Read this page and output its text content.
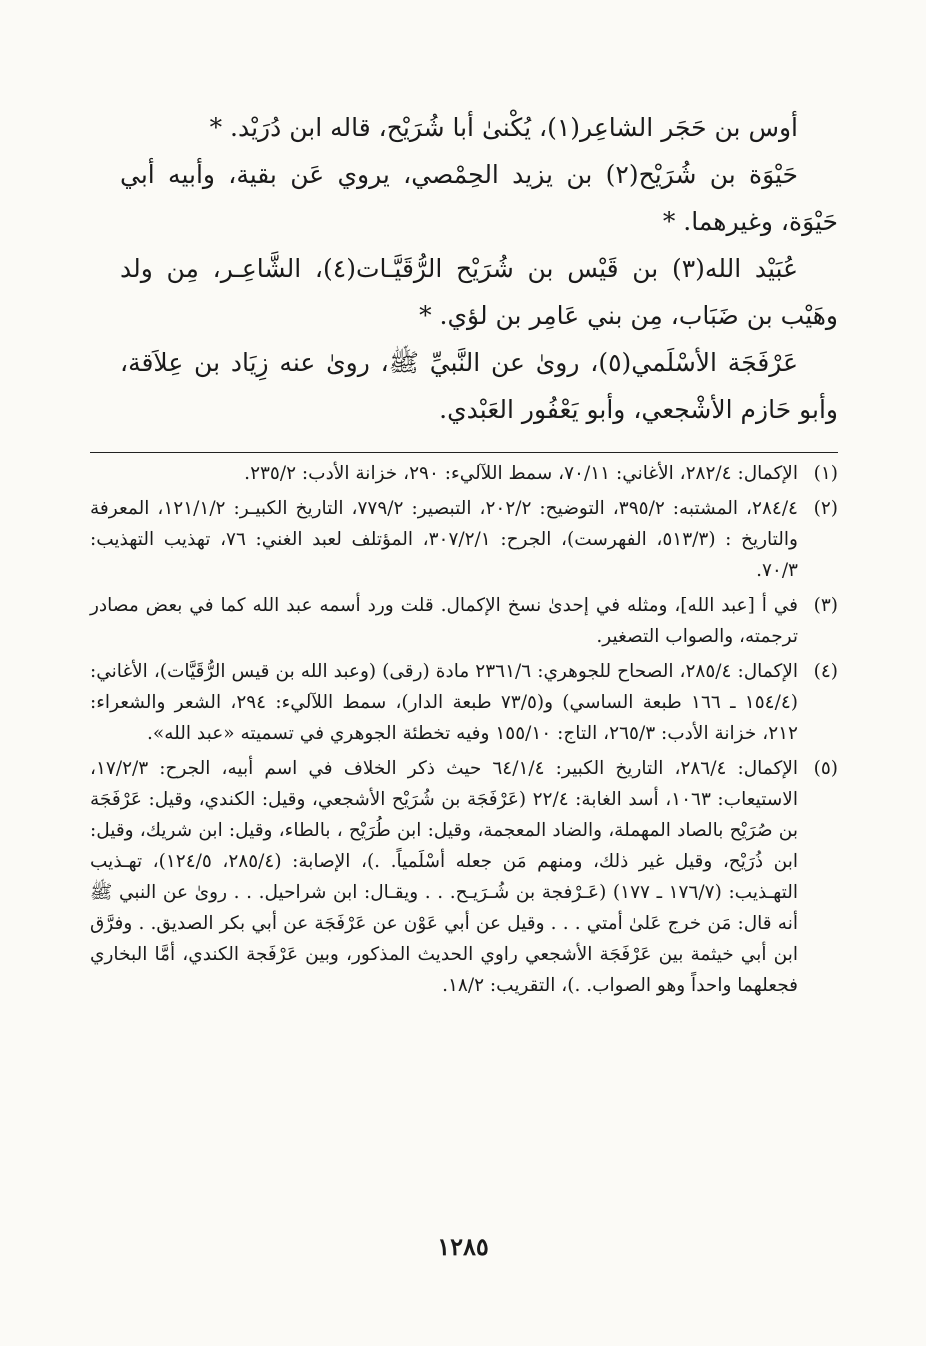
أوس بن حَجَر الشاعِر(١)، يُكْنىٰ أبا شُرَيْح، قاله ابن دُرَيْد. *

حَيْوَة بن شُرَيْح(٢) بن يزيد الحِمْصي، يروي عَن بقية، وأبيه أبي حَيْوَة، وغيرهما. *

عُبَيْد الله(٣) بن قَيْس بن شُرَيْح الرُّقَيَّـات(٤)، الشَّاعِـر، مِن ولد وهَيْب بن ضَبَاب، مِن بني عَامِر بن لؤي. *

عَرْفَجَة الأسْلَمي(٥)، روىٰ عن النَّبيِّ ﷺ، روىٰ عنه زِيَاد بن عِلاَقة، وأبو حَازم الأشْجعي، وأبو يَعْفُور العَبْدي.

(١)
الإكمال: ٢٨٢/٤، الأغاني: ٧٠/١١، سمط اللآليء: ٢٩٠، خزانة الأدب: ٢٣٥/٢.
(٢)
٢٨٤/٤، المشتبه: ٣٩٥/٢، التوضيح: ٢٠٢/٢، التبصير: ٧٧٩/٢، التاريخ الكبيـر: ١٢١/١/٢، المعرفة والتاريخ : (٥١٣/٣، الفهرست)، الجرح: ٣٠٧/٢/١، المؤتلف لعبد الغني: ٧٦، تهذيب التهذيب: ٧٠/٣.
(٣)
في أ [عبد الله]، ومثله في إحدىٰ نسخ الإكمال. قلت ورد أسمه عبد الله كما في بعض مصادر ترجمته، والصواب التصغير.
(٤)
الإكمال: ٢٨٥/٤، الصحاح للجوهري: ٢٣٦١/٦ مادة (رقى) (وعبد الله بن قيس الرُّقَيَّات)، الأغاني: (١٥٤/٤ ـ ١٦٦ طبعة الساسي) و(٧٣/٥ طبعة الدار)، سمط اللآليء: ٢٩٤، الشعر والشعراء: ٢١٢، خزانة الأدب: ٢٦٥/٣، التاج: ١٥٥/١٠ وفيه تخطئة الجوهري في تسميته «عبد الله».
(٥)
الإكمال: ٢٨٦/٤، التاريخ الكبير: ٦٤/١/٤ حيث ذكر الخلاف في اسم أبيه، الجرح: ١٧/٢/٣، الاستيعاب: ١٠٦٣، أسد الغابة: ٢٢/٤ (عَرْفَجَة بن شُرَيْح الأشجعي، وقيل: الكندي، وقيل: عَرْفَجَة بن صُرَيْح بالصاد المهملة، والضاد المعجمة، وقيل: ابن طُرَيْح ، بالطاء، وقيل: ابن شريك، وقيل: ابن ذُرَيْح، وقيل غير ذلك، ومنهم مَن جعله أسْلَمياً. .)، الإصابة: (٢٨٥/٤، ١٢٤/٥)، تهـذيب التهـذيب: (١٧٦/٧ ـ ١٧٧) (عَـرْفجة بن شُـرَيـح. . . ويقـال: ابن شراحيل. . . روىٰ عن النبي ﷺ أنه قال: مَن خرج عَلىٰ أمتي . . . وقيل عن أبي عَوْن عن عَرْفَجَة عن أبي بكر الصديق. . وفرَّق ابن أبي خيثمة بين عَرْفَجَة الأشجعي راوي الحديث المذكور، وبين عَرْفَجة الكندي، أمَّا البخاري فجعلهما واحداً وهو الصواب. .)، التقريب: ١٨/٢.
١٢٨٥
